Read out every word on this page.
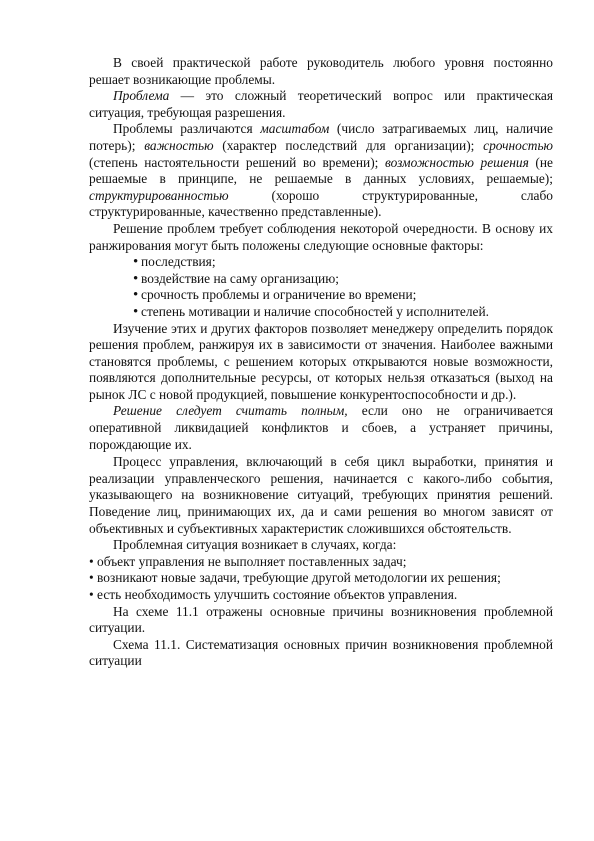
В своей практической работе руководитель любого уровня постоянно решает возникающие проблемы.

Проблема — это сложный теоретический вопрос или практическая ситуация, требующая разрешения.

Проблемы различаются масштабом (число затрагиваемых лиц, наличие потерь); важностью (характер последствий для организации); срочностью (степень настоятельности решений во времени); возможностью решения (не решаемые в принципе, не решаемые в данных условиях, решаемые); структурированностью (хорошо структурированные, слабо структурированные, качественно представленные).

Решение проблем требует соблюдения некоторой очередности. В основу их ранжирования могут быть положены следующие основные факторы:

• последствия;
• воздействие на саму организацию;
• срочность проблемы и ограничение во времени;
• степень мотивации и наличие способностей у исполнителей.

Изучение этих и других факторов позволяет менеджеру определить порядок решения проблем, ранжируя их в зависимости от значения. Наиболее важными становятся проблемы, с решением которых открываются новые возможности, появляются дополнительные ресурсы, от которых нельзя отказаться (выход на рынок ЛС с новой продукцией, повышение конкурентоспособности и др.).

Решение следует считать полным, если оно не ограничивается оперативной ликвидацией конфликтов и сбоев, а устраняет причины, порождающие их.

Процесс управления, включающий в себя цикл выработки, принятия и реализации управленческого решения, начинается с какого-либо события, указывающего на возникновение ситуаций, требующих принятия решений. Поведение лиц, принимающих их, да и сами решения во многом зависят от объективных и субъективных характеристик сложившихся обстоятельств.

Проблемная ситуация возникает в случаях, когда:

• объект управления не выполняет поставленных задач;
• возникают новые задачи, требующие другой методологии их решения;
• есть необходимость улучшить состояние объектов управления.

На схеме 11.1 отражены основные причины возникновения проблемной ситуации.

Схема 11.1. Систематизация основных причин возникновения проблемной ситуации
